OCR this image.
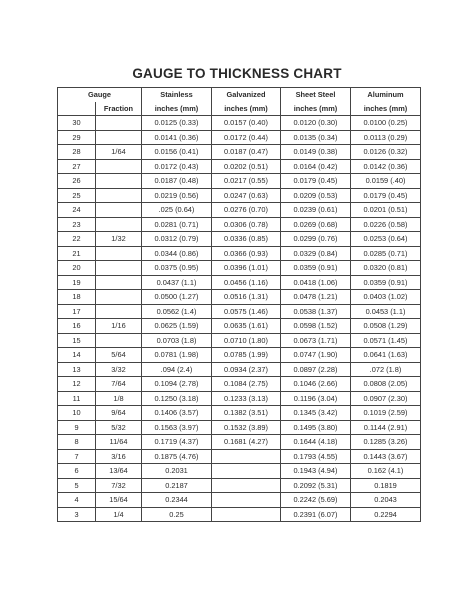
GAUGE TO THICKNESS CHART
Gauge		Stainless	Galvanized	Sheet Steel	Aluminum
	Fraction	inches (mm)	inches (mm)	inches (mm)	inches (mm)
30		0.0125 (0.33)	0.0157 (0.40)	0.0120 (0.30)	0.0100 (0.25)
29		0.0141 (0.36)	0.0172 (0.44)	0.0135 (0.34)	0.0113 (0.29)
28	1/64	0.0156 (0.41)	0.0187 (0.47)	0.0149 (0.38)	0.0126 (0.32)
27		0.0172 (0.43)	0.0202 (0.51)	0.0164 (0.42)	0.0142 (0.36)
26		0.0187 (0.48)	0.0217 (0.55)	0.0179 (0.45)	0.0159 (.40)
25		0.0219 (0.56)	0.0247 (0.63)	0.0209 (0.53)	0.0179 (0.45)
24		.025 (0.64)	0.0276 (0.70)	0.0239 (0.61)	0.0201 (0.51)
23		0.0281 (0.71)	0.0306 (0.78)	0.0269 (0.68)	0.0226 (0.58)
22	1/32	0.0312 (0.79)	0.0336 (0.85)	0.0299 (0.76)	0.0253 (0.64)
21		0.0344 (0.86)	0.0366 (0.93)	0.0329 (0.84)	0.0285 (0.71)
20		0.0375 (0.95)	0.0396 (1.01)	0.0359 (0.91)	0.0320 (0.81)
19		0.0437 (1.1)	0.0456 (1.16)	0.0418 (1.06)	0.0359 (0.91)
18		0.0500 (1.27)	0.0516 (1.31)	0.0478 (1.21)	0.0403 (1.02)
17		0.0562 (1.4)	0.0575 (1.46)	0.0538 (1.37)	0.0453 (1.1)
16	1/16	0.0625 (1.59)	0.0635 (1.61)	0.0598 (1.52)	0.0508 (1.29)
15		0.0703 (1.8)	0.0710 (1.80)	0.0673 (1.71)	0.0571 (1.45)
14	5/64	0.0781 (1.98)	0.0785 (1.99)	0.0747 (1.90)	0.0641 (1.63)
13	3/32	.094 (2.4)	0.0934 (2.37)	0.0897 (2.28)	.072 (1.8)
12	7/64	0.1094 (2.78)	0.1084 (2.75)	0.1046 (2.66)	0.0808 (2.05)
11	1/8	0.1250 (3.18)	0.1233 (3.13)	0.1196 (3.04)	0.0907 (2.30)
10	9/64	0.1406 (3.57)	0.1382 (3.51)	0.1345 (3.42)	0.1019 (2.59)
9	5/32	0.1563 (3.97)	0.1532 (3.89)	0.1495 (3.80)	0.1144 (2.91)
8	11/64	0.1719 (4.37)	0.1681 (4.27)	0.1644 (4.18)	0.1285 (3.26)
7	3/16	0.1875 (4.76)		0.1793 (4.55)	0.1443 (3.67)
6	13/64	0.2031		0.1943 (4.94)	0.162 (4.1)
5	7/32	0.2187		0.2092 (5.31)	0.1819
4	15/64	0.2344		0.2242 (5.69)	0.2043
3	1/4	0.25		0.2391 (6.07)	0.2294
